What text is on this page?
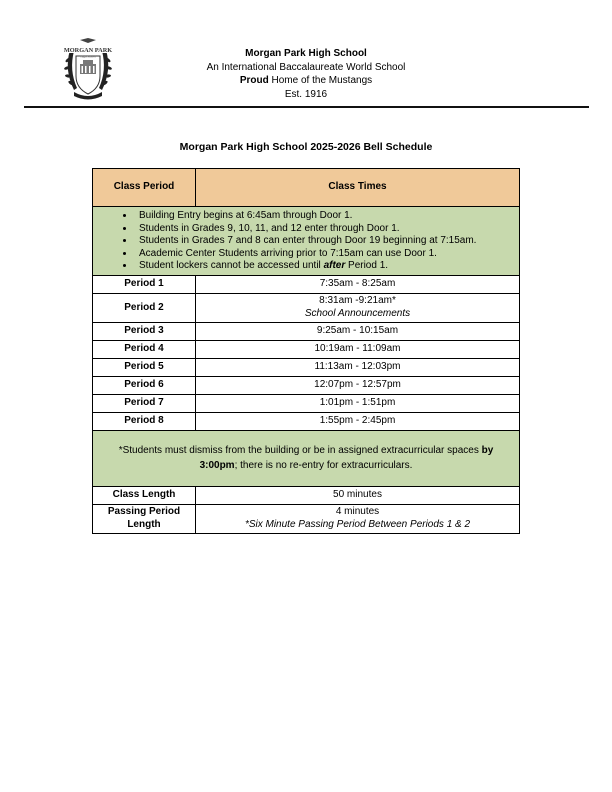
MORGAN PARK
High School	Morgan Park High School
An International Baccalaureate World School
Proud Home of the Mustangs
Est. 1916
Morgan Park High School 2025-2026 Bell Schedule
Class Period	Class Times

• Building Entry begins at 6:45am through Door 1.
• Students in Grades 9, 10, 11, and 12 enter through Door 1.
• Students in Grades 7 and 8 can enter through Door 19 beginning at 7:15am.
• Academic Center Students arriving prior to 7:15am can use Door 1.
• Student lockers cannot be accessed until after Period 1.

Period 1	7:35am - 8:25am
Period 2	8:31am -9:21am*
School Announcements

Period 3	9:25am - 10:15am
Period 4	10:19am - 11:09am
Period 5	11:13am - 12:03pm
Period 6	12:07pm - 12:57pm
Period 7	1:01pm - 1:51pm
Period 8	1:55pm - 2:45pm
*Students must dismiss from the building or be in assigned extracurricular spaces by 3:00pm; there is no re-entry for extracurriculars.	
Class Length	50 minutes
Passing Period Length	4 minutes
*Six Minute Passing Period Between Periods 1 & 2
